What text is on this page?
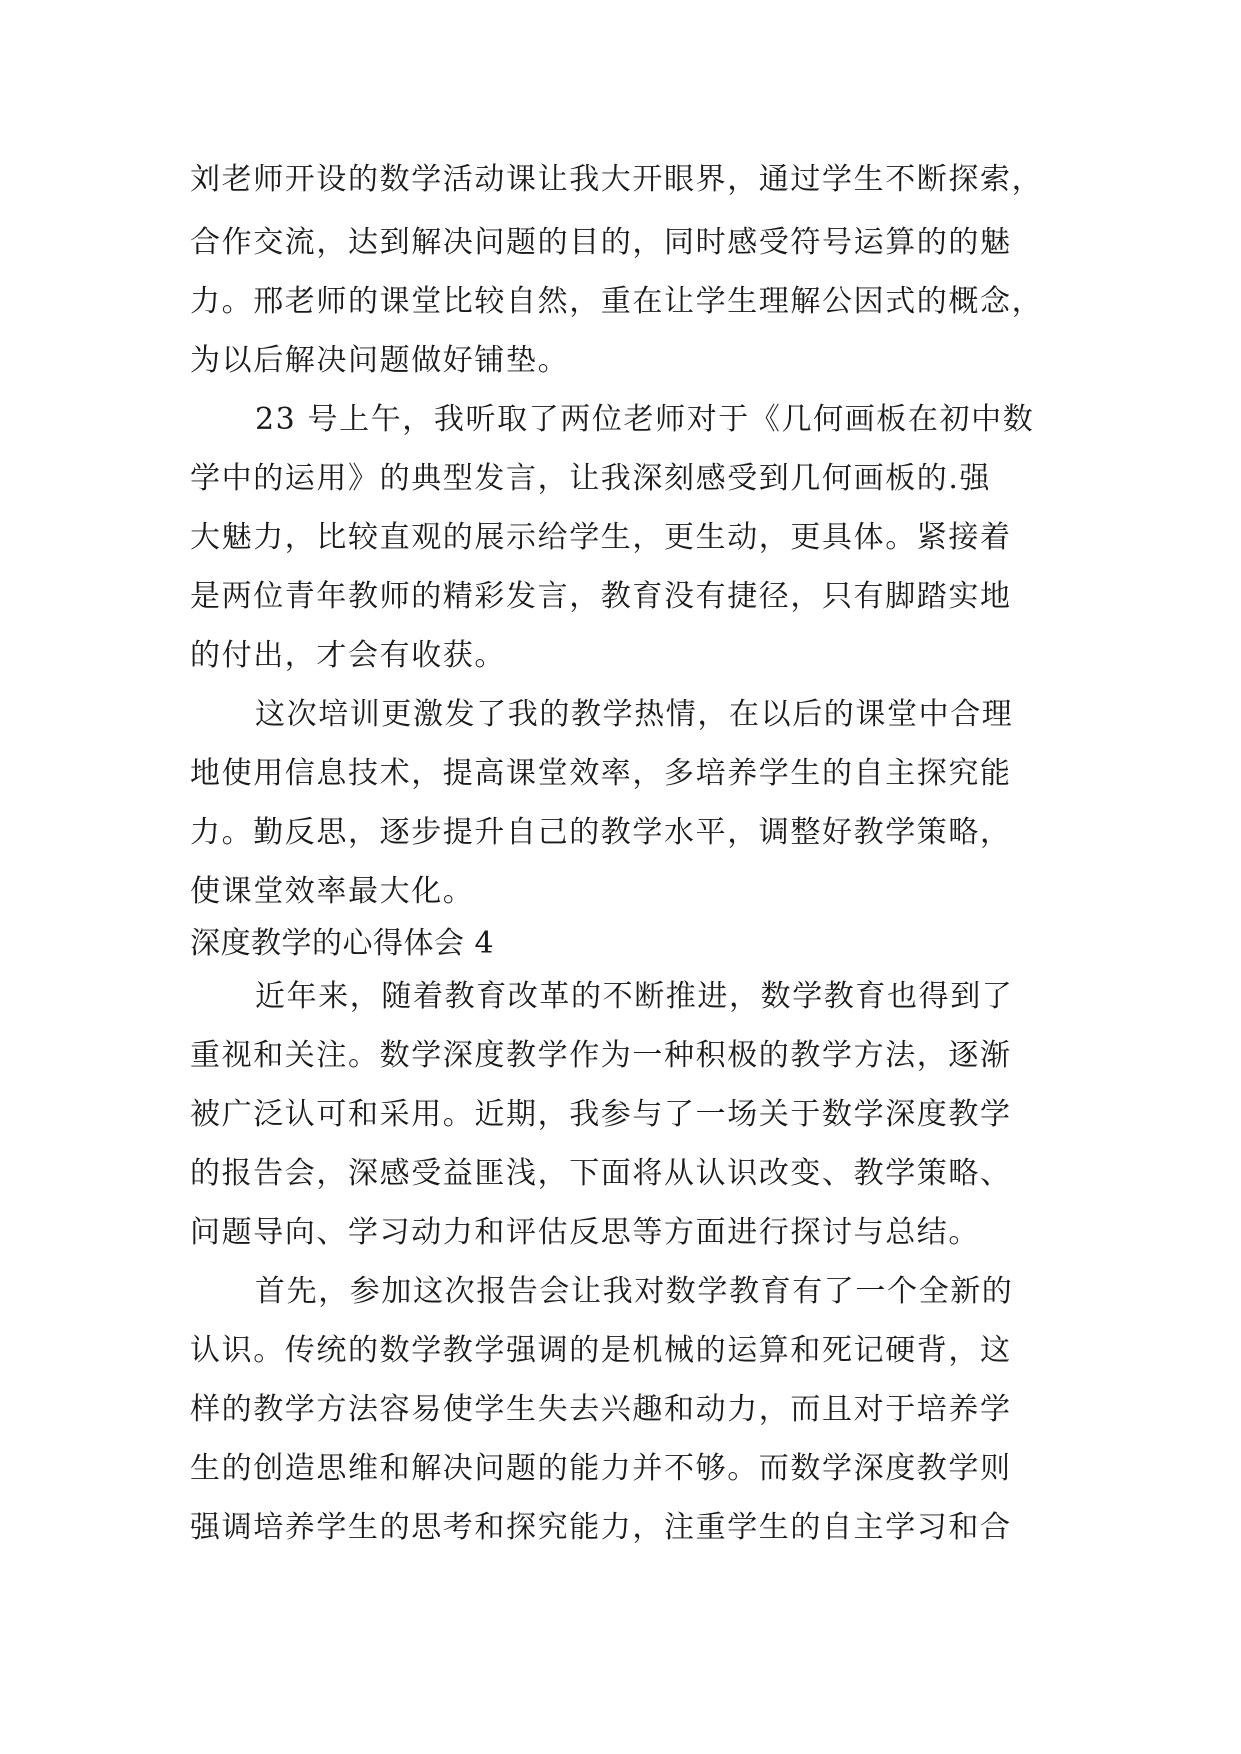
刘老师开设的数学活动课让我大开眼界，通过学生不断探索，

合作交流，达到解决问题的目的，同时感受符号运算的的魅

力。邢老师的课堂比较自然，重在让学生理解公因式的概念，

为以后解决问题做好铺垫。

23 号上午，我听取了两位老师对于《几何画板在初中数

学中的运用》的典型发言，让我深刻感受到几何画板的.强

大魅力，比较直观的展示给学生，更生动，更具体。紧接着

是两位青年教师的精彩发言，教育没有捷径，只有脚踏实地

的付出，才会有收获。

这次培训更激发了我的教学热情，在以后的课堂中合理

地使用信息技术，提高课堂效率，多培养学生的自主探究能

力。勤反思，逐步提升自己的教学水平，调整好教学策略，

使课堂效率最大化。

深度教学的心得体会 4

近年来，随着教育改革的不断推进，数学教育也得到了

重视和关注。数学深度教学作为一种积极的教学方法，逐渐

被广泛认可和采用。近期，我参与了一场关于数学深度教学

的报告会，深感受益匪浅，下面将从认识改变、教学策略、

问题导向、学习动力和评估反思等方面进行探讨与总结。

首先，参加这次报告会让我对数学教育有了一个全新的

认识。传统的数学教学强调的是机械的运算和死记硬背，这

样的教学方法容易使学生失去兴趣和动力，而且对于培养学

生的创造思维和解决问题的能力并不够。而数学深度教学则

强调培养学生的思考和探究能力，注重学生的自主学习和合
